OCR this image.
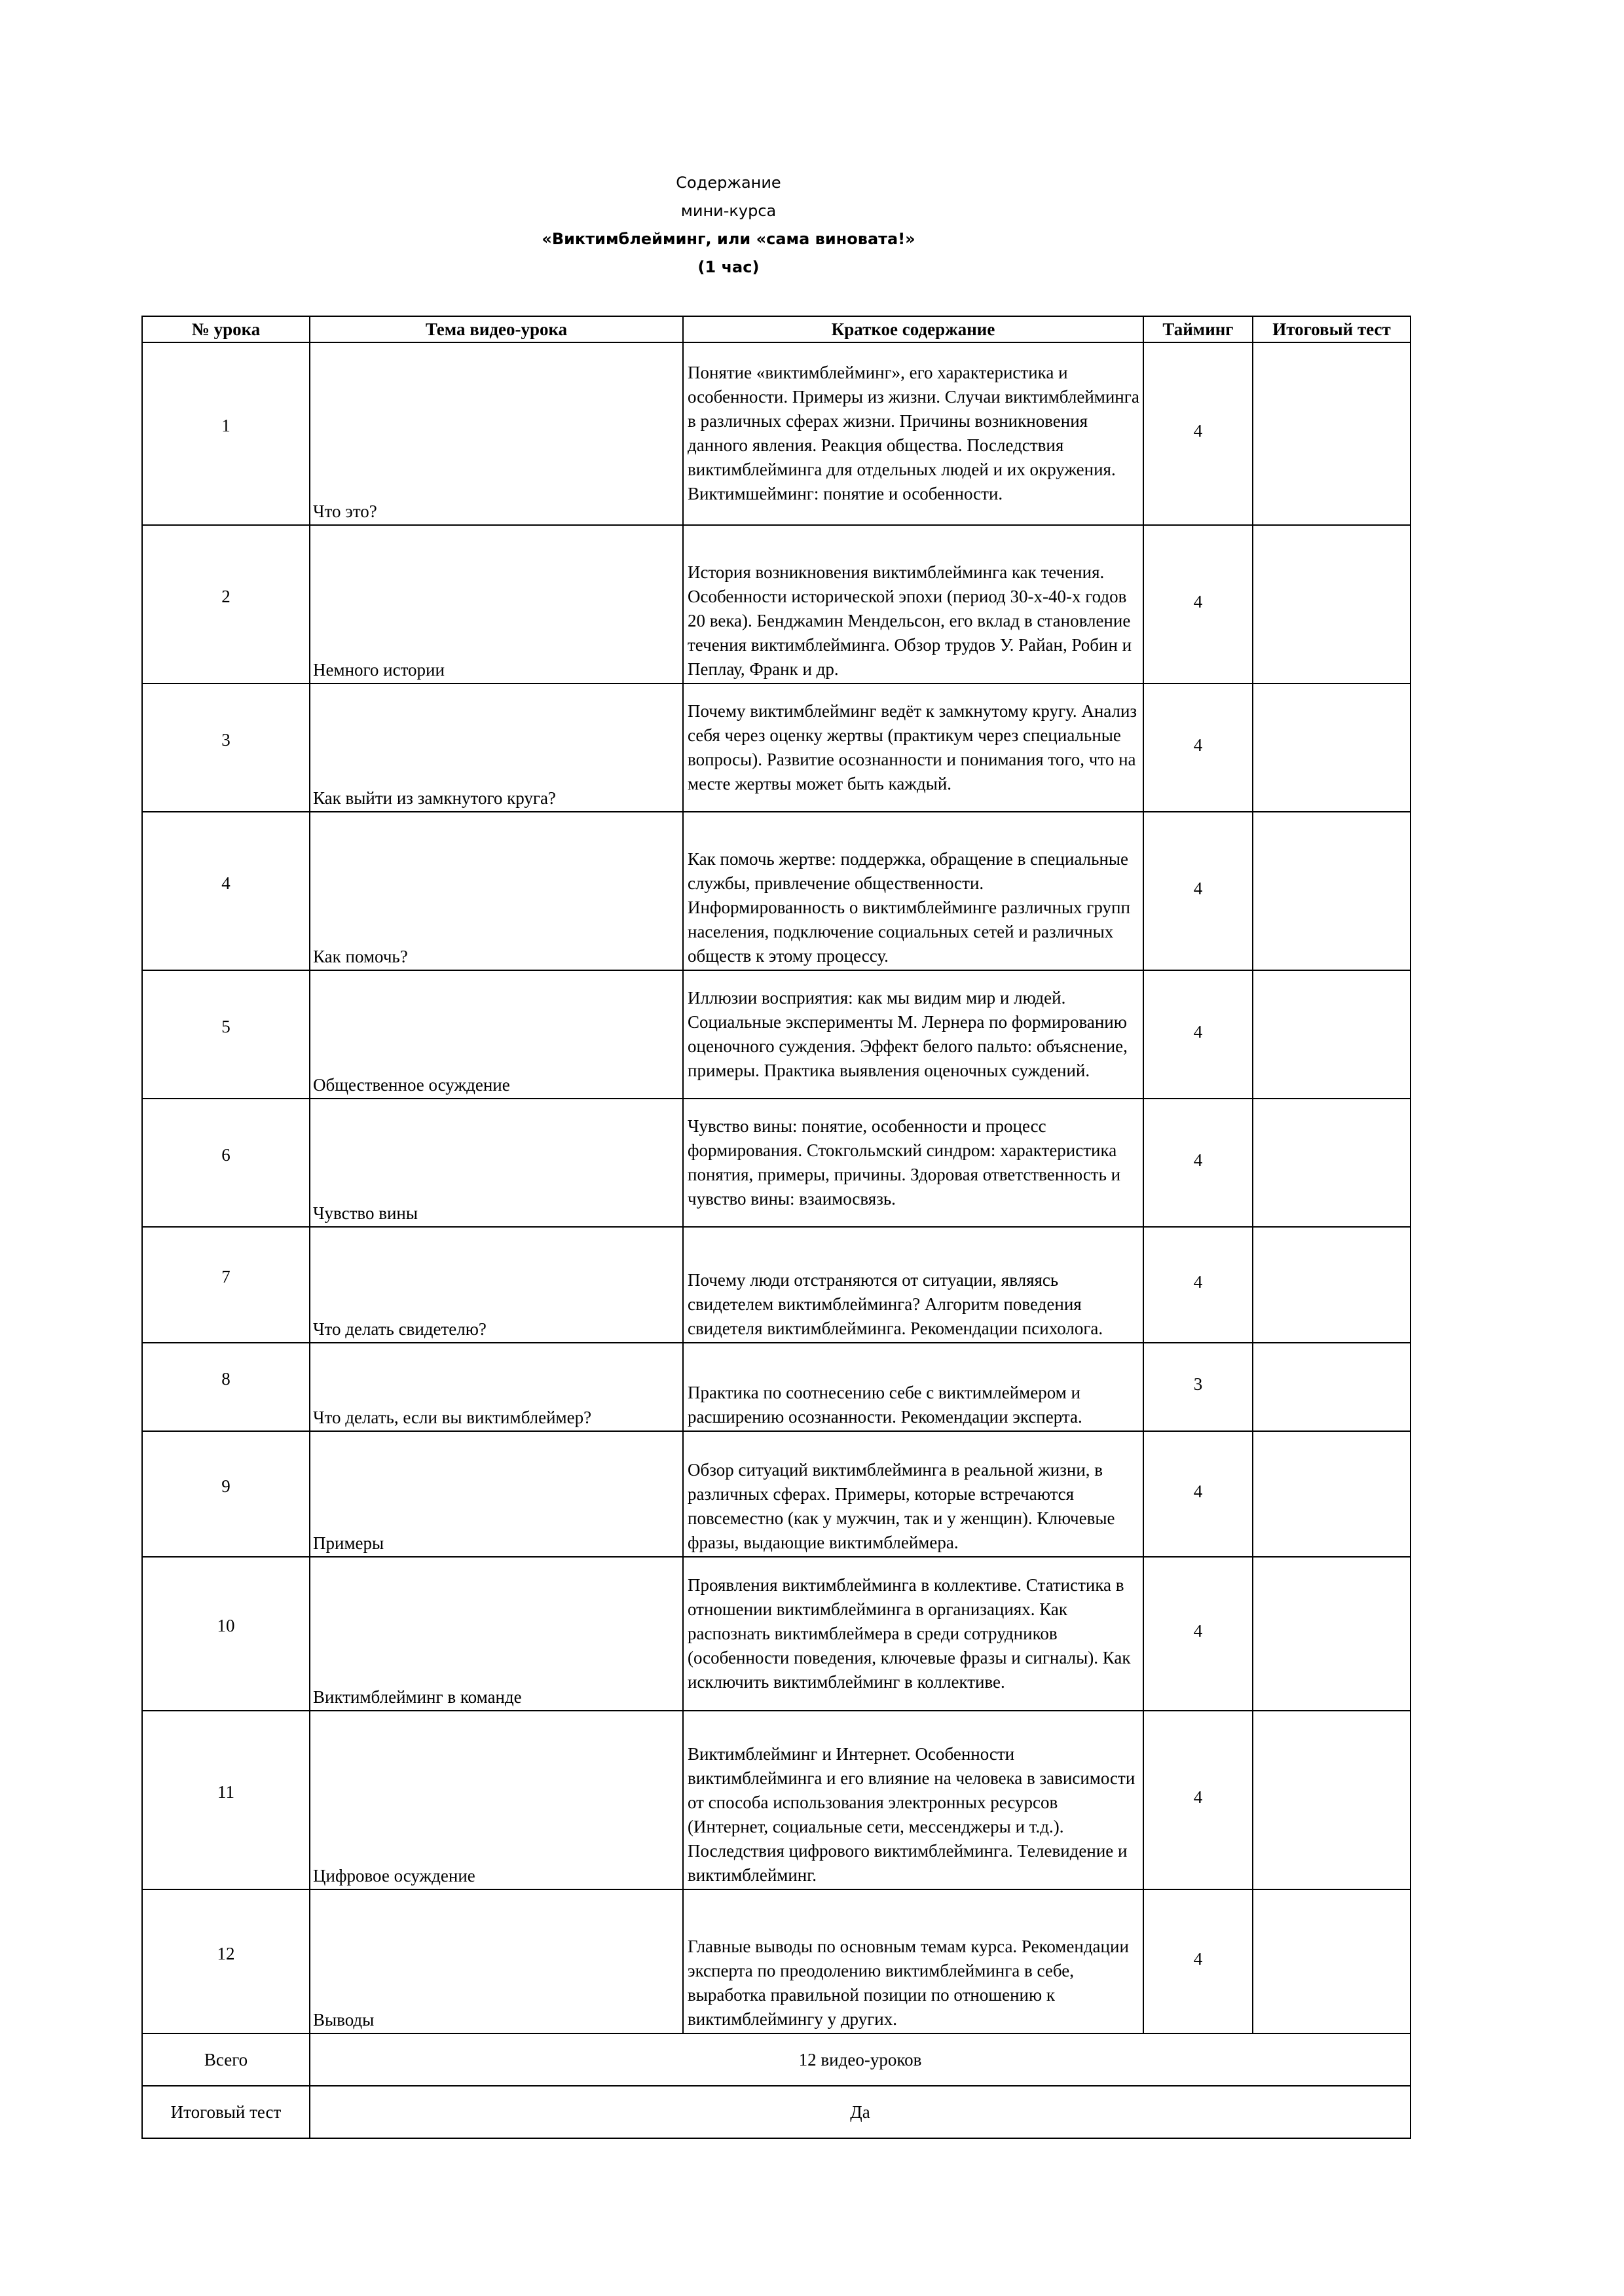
Содержание
мини-курса
«Виктимблейминг, или «сама виновата!»
(1 час)
№ урока	Тема видео-урока	Краткое содержание	Тайминг	Итоговый тест
1	Что это?	Понятие «виктимблейминг», его характеристика и особенности. Примеры из жизни. Случаи виктимблейминга в различных сферах жизни. Причины возникновения данного явления. Реакция общества. Последствия виктимблейминга для отдельных людей и их окружения. Виктимшейминг: понятие и особенности.	4	
2	Немного истории	История возникновения виктимблейминга как течения. Особенности исторической эпохи (период 30-х-40-х годов 20 века). Бенджамин Мендельсон, его вклад в становление течения виктимблейминга. Обзор трудов У. Райан, Робин и Пеплау, Франк и др.	4	
3	Как выйти из замкнутого круга?	Почему виктимблейминг ведёт к замкнутому кругу. Анализ себя через оценку жертвы (практикум через специальные вопросы). Развитие осознанности и понимания того, что на месте жертвы может быть каждый.	4	
4	Как помочь?	Как помочь жертве: поддержка, обращение в специальные службы, привлечение общественности. Информированность о виктимблейминге различных групп населения, подключение социальных сетей и различных обществ к этому процессу.	4	
5	Общественное осуждение	Иллюзии восприятия: как мы видим мир и людей. Социальные эксперименты М. Лернера по формированию оценочного суждения. Эффект белого пальто: объяснение, примеры. Практика выявления оценочных суждений.	4	
6	Чувство вины	Чувство вины: понятие, особенности и процесс формирования. Стокгольмский синдром: характеристика понятия, примеры, причины. Здоровая ответственность и чувство вины: взаимосвязь.	4	
7	Что делать свидетелю?	Почему люди отстраняются от ситуации, являясь свидетелем виктимблейминга? Алгоритм поведения свидетеля виктимблейминга. Рекомендации психолога.	4	
8	Что делать, если вы виктимблеймер?	Практика по соотнесению себе с виктимлеймером и расширению осознанности. Рекомендации эксперта.	3	
9	Примеры	Обзор ситуаций виктимблейминга в реальной жизни, в различных сферах. Примеры, которые встречаются повсеместно (как у мужчин, так и у женщин). Ключевые фразы, выдающие виктимблеймера.	4	
10	Виктимблейминг в команде	Проявления виктимблейминга в коллективе. Статистика в отношении виктимблейминга в организациях. Как распознать виктимблеймера в среди сотрудников (особенности поведения, ключевые фразы и сигналы). Как исключить виктимблейминг в коллективе.	4	
11	Цифровое осуждение	Виктимблейминг и Интернет. Особенности виктимблейминга и его влияние на человека в зависимости от способа использования электронных ресурсов (Интернет, социальные сети, мессенджеры и т.д.). Последствия цифрового виктимблейминга. Телевидение и виктимблейминг.	4	
12	Выводы	Главные выводы по основным темам курса. Рекомендации эксперта по преодолению виктимблейминга в себе, выработка правильной позиции по отношению к виктимблеймингу у других.	4	
Всего	12 видео-уроков			
Итоговый тест	Да			
